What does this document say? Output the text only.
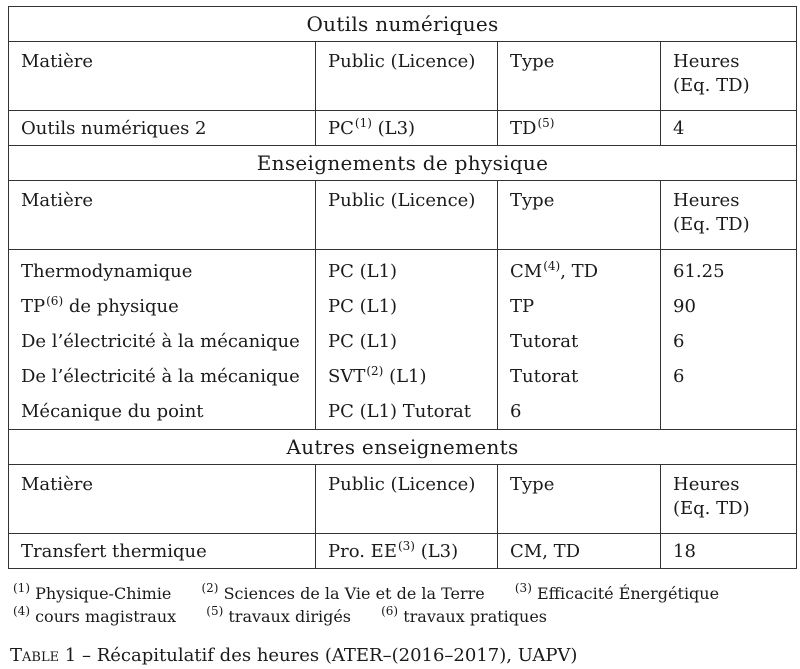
Outils numériques			
Matière	Public (Licence)	Type	Heures
(Eq. TD)
Outils numériques 2	PC$^{(1)}$ (L3)	TD$^{(5)}$	4
Enseignements de physique			
Matière	Public (Licence)	Type	Heures
(Eq. TD)
Thermodynamique	PC (L1)	CM$^{(4)}$, TD	61.25
TP$^{(6)}$ de physique	PC (L1)	TP	90
De l’électricité à la mécanique	PC (L1)	Tutorat	6
De l’électricité à la mécanique	SVT$^{(2)}$ (L1)	Tutorat	6
Mécanique du point	PC (L1) Tutorat	6	
Autres enseignements			
Matière	Public (Licence)	Type	Heures
(Eq. TD)
Transfert thermique	Pro. EE$^{(3)}$ (L3)	CM, TD	18
$^{(1)}$ Physique-Chimie	$^{(2)}$ Sciences de la Vie et de la Terre	$^{(3)}$ Efficacité Énergétique
$^{(4)}$ cours magistraux	$^{(5)}$ travaux dirigés	$^{(6)}$ travaux pratiques
Table 1 – Récapitulatif des heures (ATER–(2016–2017), UAPV)
